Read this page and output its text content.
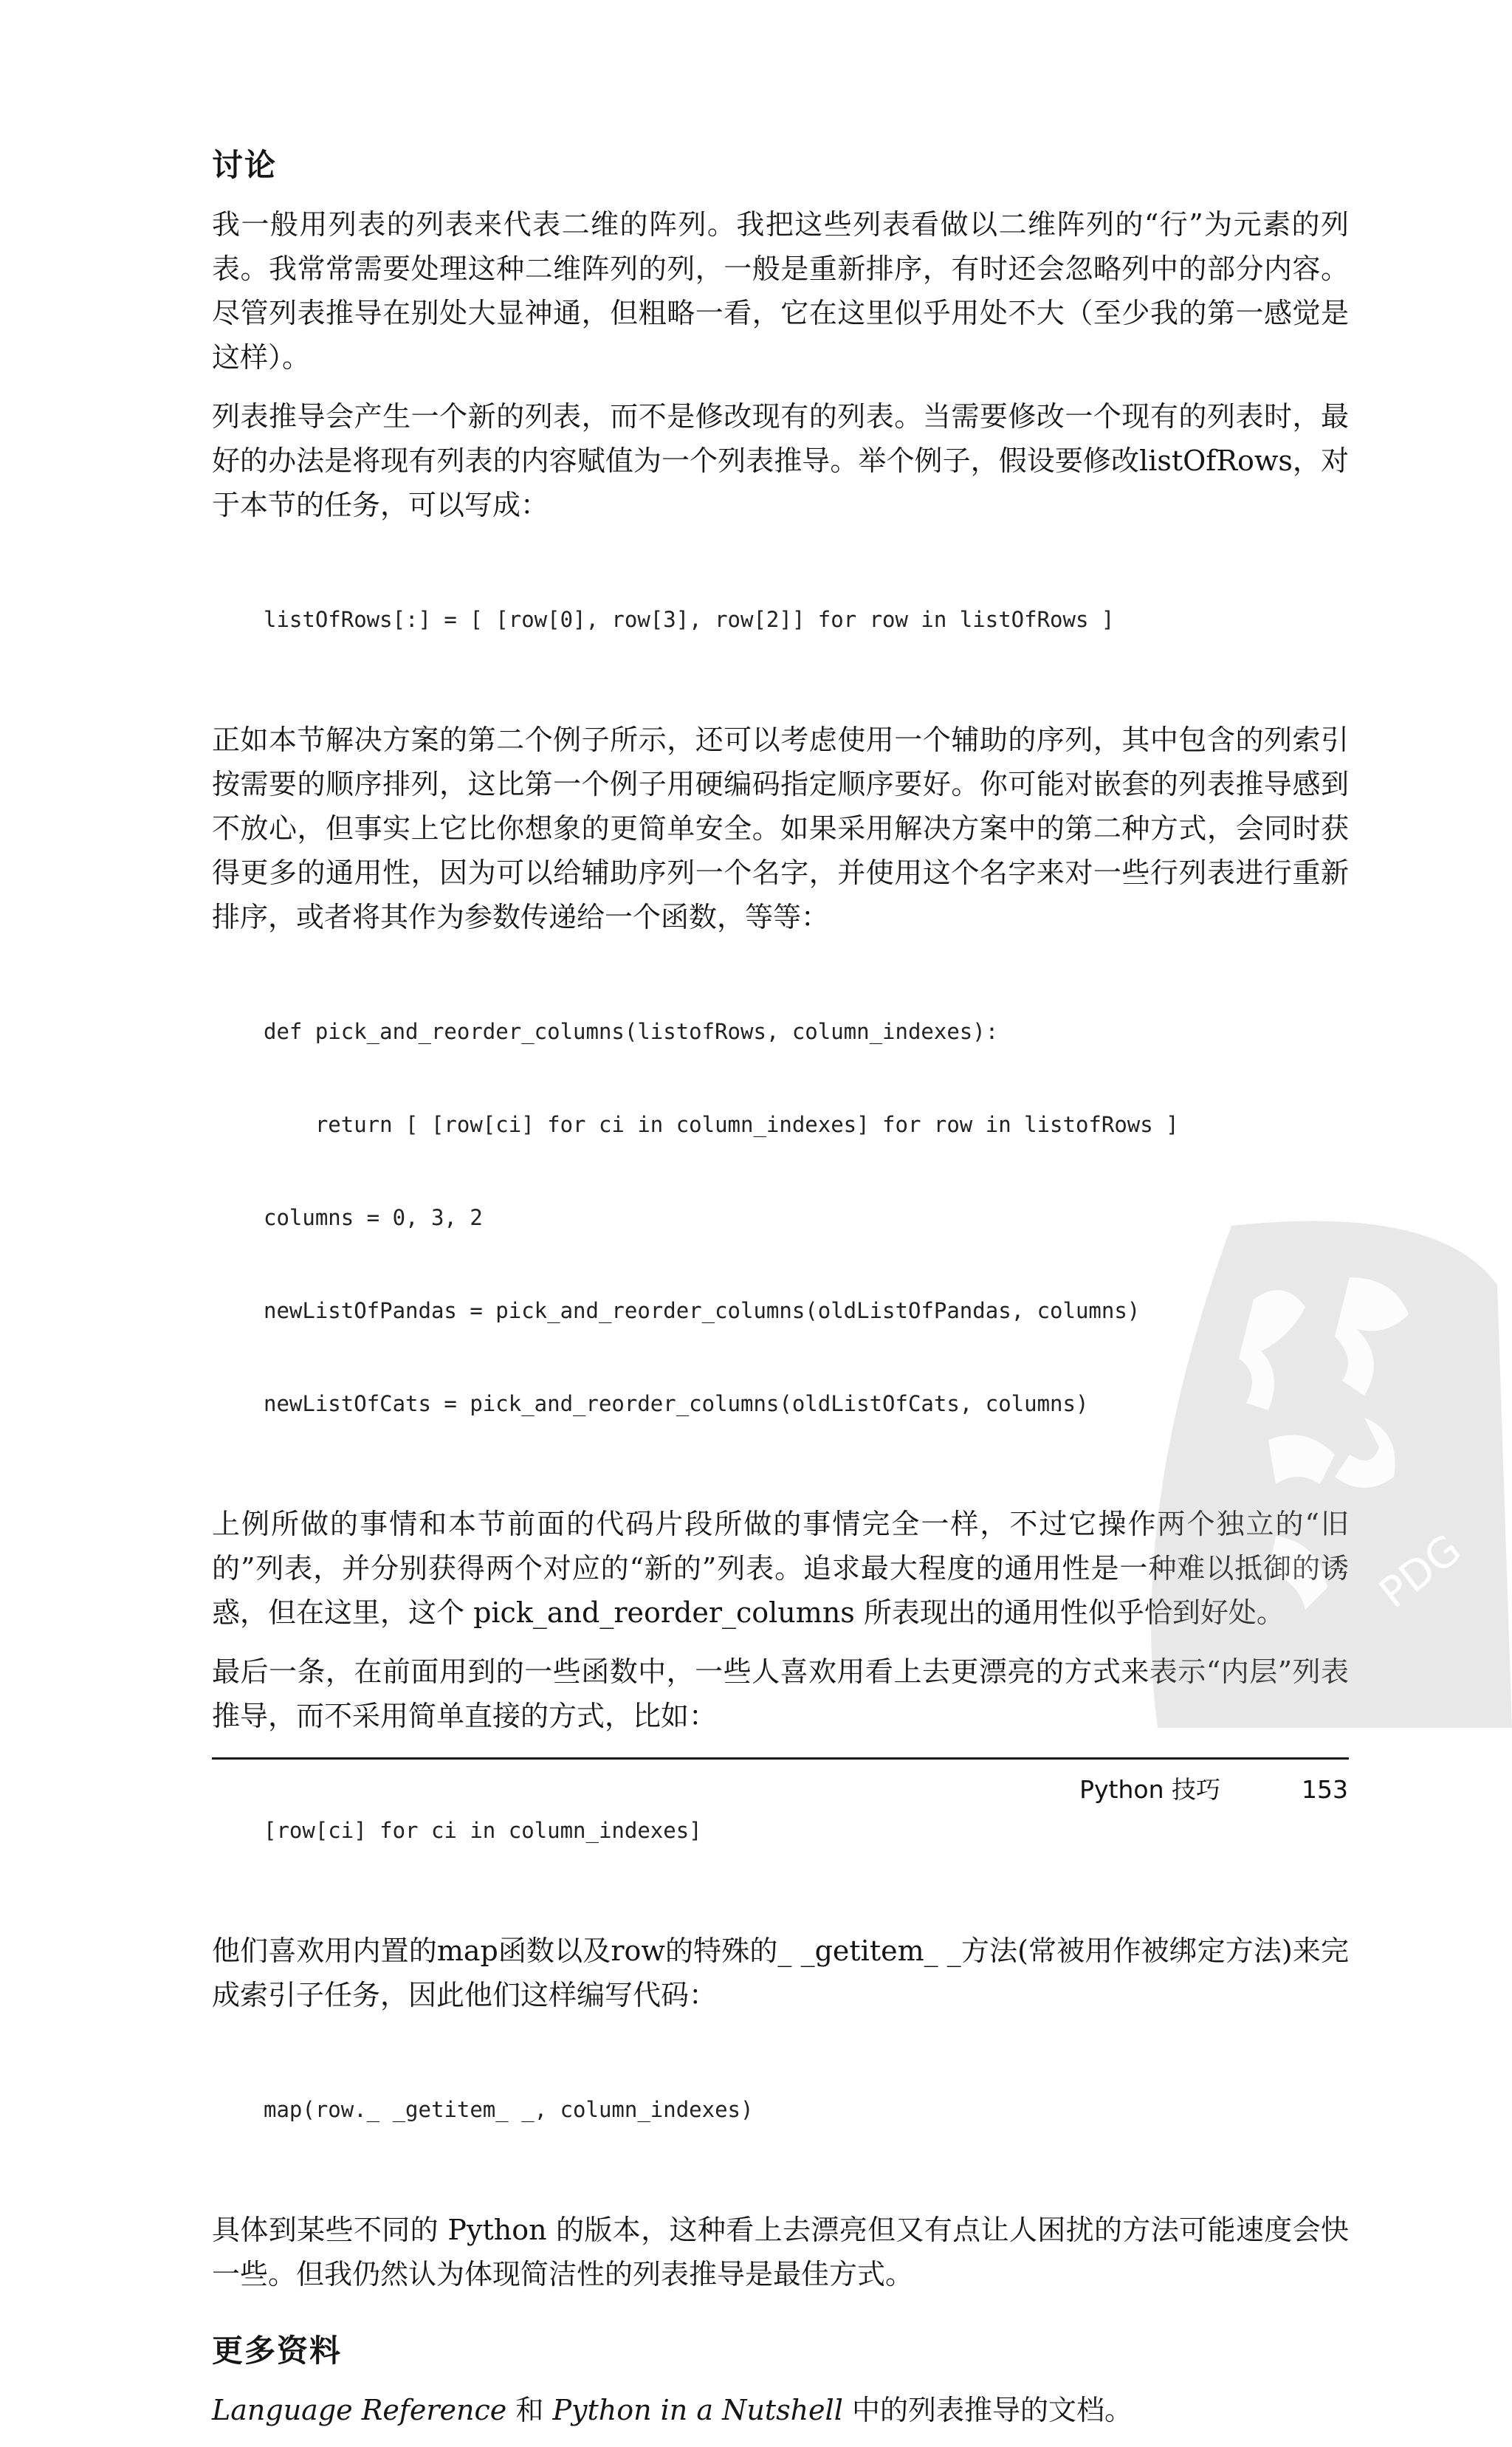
讨论

我一般用列表的列表来代表二维的阵列。我把这些列表看做以二维阵列的“行”为元素的列表。我常常需要处理这种二维阵列的列，一般是重新排序，有时还会忽略列中的部分内容。尽管列表推导在别处大显神通，但粗略一看，它在这里似乎用处不大（至少我的第一感觉是这样）。

列表推导会产生一个新的列表，而不是修改现有的列表。当需要修改一个现有的列表时，最好的办法是将现有列表的内容赋值为一个列表推导。举个例子，假设要修改listOfRows，对于本节的任务，可以写成：

listOfRows[:] = [ [row[0], row[3], row[2]] for row in listOfRows ]

正如本节解决方案的第二个例子所示，还可以考虑使用一个辅助的序列，其中包含的列索引按需要的顺序排列，这比第一个例子用硬编码指定顺序要好。你可能对嵌套的列表推导感到不放心，但事实上它比你想象的更简单安全。如果采用解决方案中的第二种方式，会同时获得更多的通用性，因为可以给辅助序列一个名字，并使用这个名字来对一些行列表进行重新排序，或者将其作为参数传递给一个函数，等等：

def pick_and_reorder_columns(listofRows, column_indexes):

return [ [row[ci] for ci in column_indexes] for row in listofRows ]

columns = 0, 3, 2

newListOfPandas = pick_and_reorder_columns(oldListOfPandas, columns)

newListOfCats = pick_and_reorder_columns(oldListOfCats, columns)

上例所做的事情和本节前面的代码片段所做的事情完全一样，不过它操作两个独立的“旧的”列表，并分别获得两个对应的“新的”列表。追求最大程度的通用性是一种难以抵御的诱惑，但在这里，这个 pick_and_reorder_columns 所表现出的通用性似乎恰到好处。

最后一条，在前面用到的一些函数中，一些人喜欢用看上去更漂亮的方式来表示“内层”列表推导，而不采用简单直接的方式，比如：

[row[ci] for ci in column_indexes]

他们喜欢用内置的map函数以及row的特殊的_ _getitem_ _方法(常被用作被绑定方法)来完成索引子任务，因此他们这样编写代码：

map(row._ _getitem_ _, column_indexes)

具体到某些不同的 Python 的版本，这种看上去漂亮但又有点让人困扰的方法可能速度会快一些。但我仍然认为体现简洁性的列表推导是最佳方式。

更多资料

Language Reference 和 Python in a Nutshell 中的列表推导的文档。

Python 技巧	153
PDG
